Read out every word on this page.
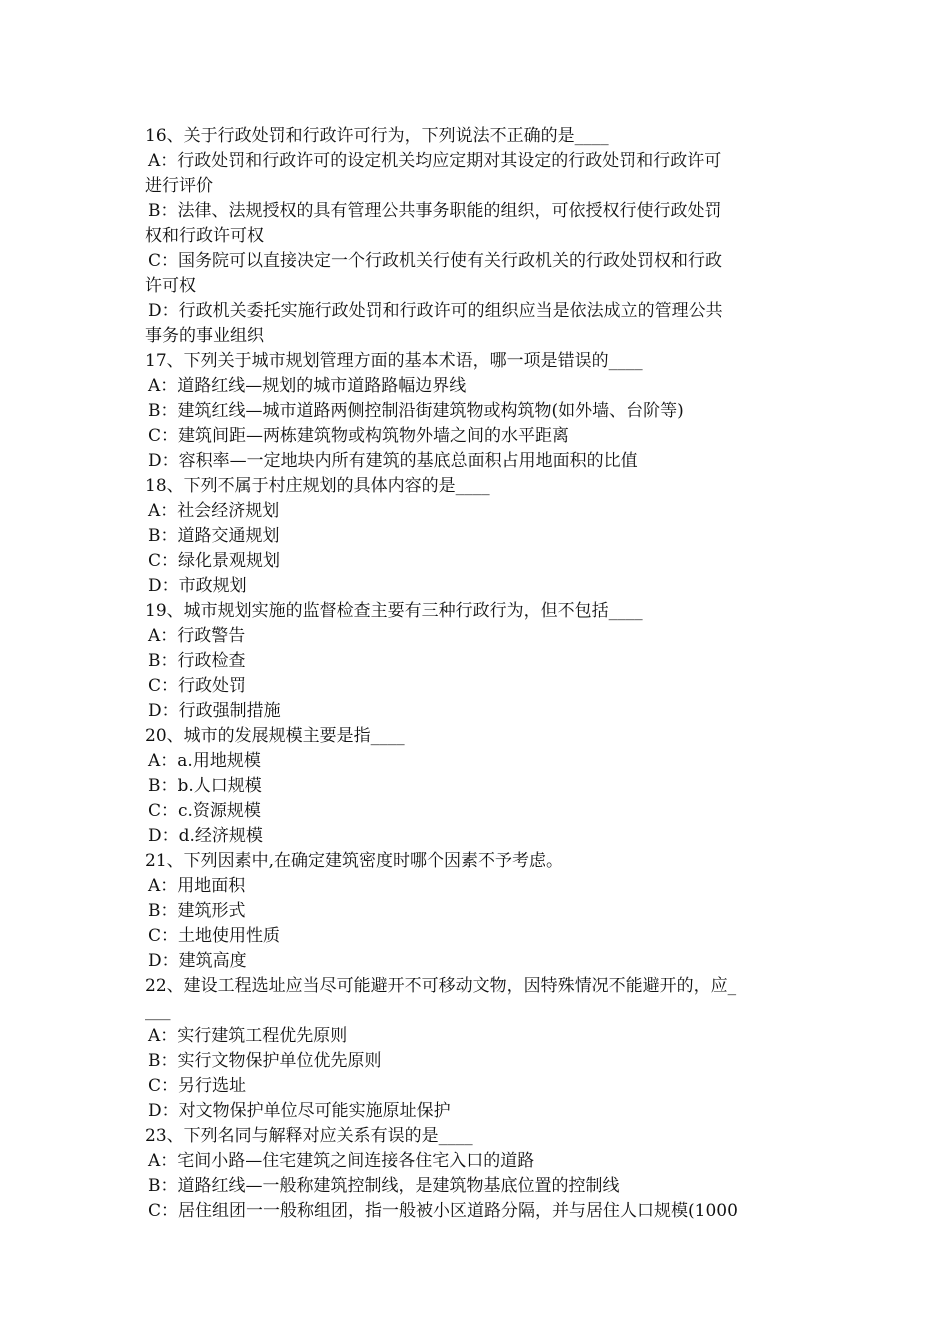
16、关于行政处罚和行政许可行为，下列说法不正确的是____
A：行政处罚和行政许可的设定机关均应定期对其设定的行政处罚和行政许可
进行评价
B：法律、法规授权的具有管理公共事务职能的组织，可依授权行使行政处罚
权和行政许可权
C：国务院可以直接决定一个行政机关行使有关行政机关的行政处罚权和行政
许可权
D：行政机关委托实施行政处罚和行政许可的组织应当是依法成立的管理公共
事务的事业组织
17、下列关于城市规划管理方面的基本术语，哪一项是错误的____
A：道路红线—规划的城市道路路幅边界线
B：建筑红线—城市道路两侧控制沿街建筑物或构筑物(如外墙、台阶等)
C：建筑间距—两栋建筑物或构筑物外墙之间的水平距离
D：容积率—一定地块内所有建筑的基底总面积占用地面积的比值
18、下列不属于村庄规划的具体内容的是____
A：社会经济规划
B：道路交通规划
C：绿化景观规划
D：市政规划
19、城市规划实施的监督检查主要有三种行政行为，但不包括____
A：行政警告
B：行政检查
C：行政处罚
D：行政强制措施
20、城市的发展规模主要是指____
A：a.用地规模
B：b.人口规模
C：c.资源规模
D：d.经济规模
21、下列因素中,在确定建筑密度时哪个因素不予考虑。
A：用地面积
B：建筑形式
C：土地使用性质
D：建筑高度
22、建设工程选址应当尽可能避开不可移动文物，因特殊情况不能避开的，应_
___
A：实行建筑工程优先原则
B：实行文物保护单位优先原则
C：另行选址
D：对文物保护单位尽可能实施原址保护
23、下列名同与解释对应关系有误的是____
A：宅间小路—住宅建筑之间连接各住宅入口的道路
B：道路红线—一般称建筑控制线，是建筑物基底位置的控制线
C：居住组团一一般称组团，指一般被小区道路分隔，并与居住人口规模(1000
